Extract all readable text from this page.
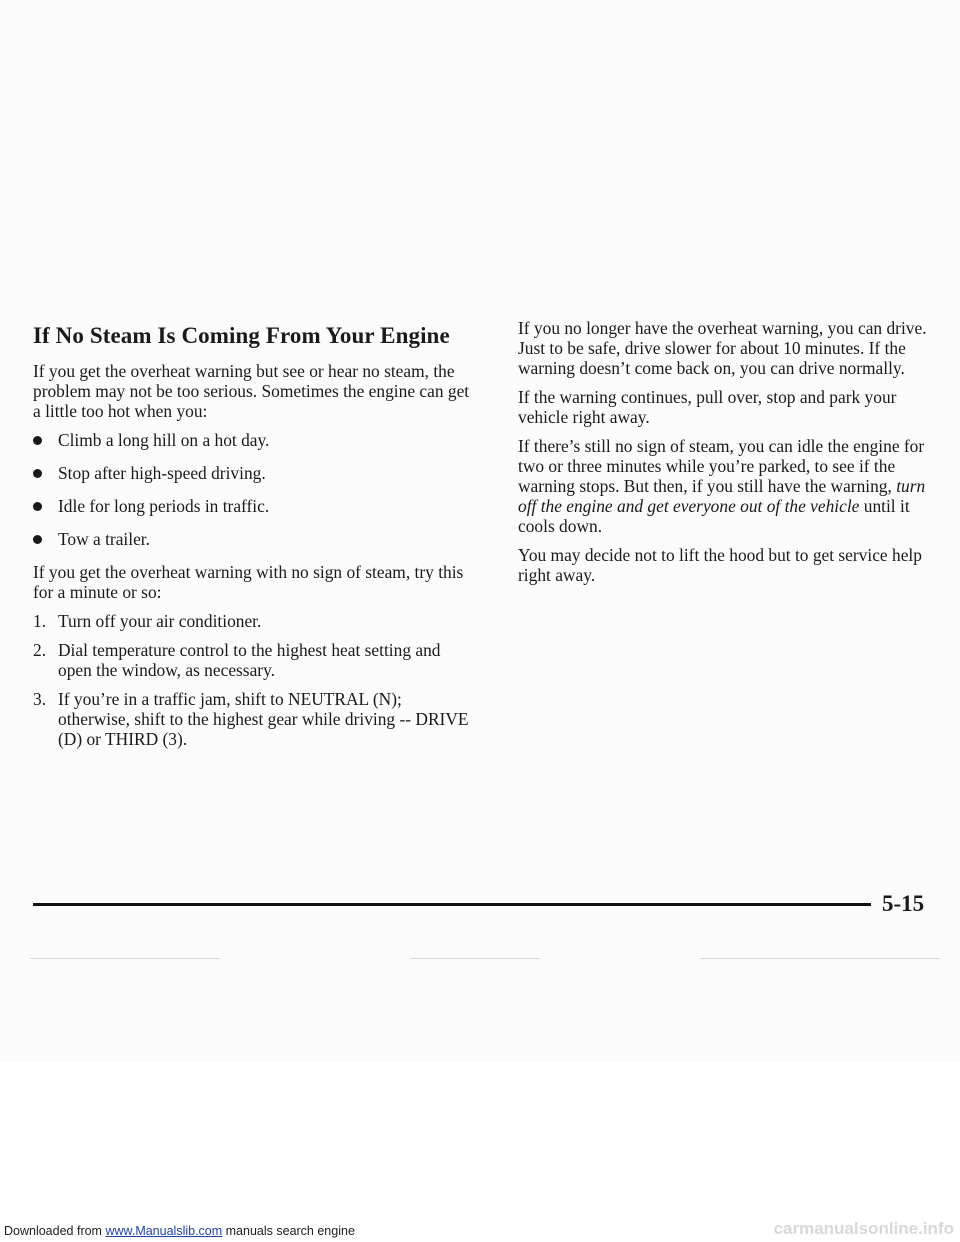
If No Steam Is Coming From Your Engine

If you get the overheat warning but see or hear no steam, the problem may not be too serious. Sometimes the engine can get a little too hot when you:

Climb a long hill on a hot day.
Stop after high-speed driving.
Idle for long periods in traffic.
Tow a trailer.

If you get the overheat warning with no sign of steam, try this for a minute or so:

1. Turn off your air conditioner.
2. Dial temperature control to the highest heat setting and open the window, as necessary.
3. If you’re in a traffic jam, shift to NEUTRAL (N); otherwise, shift to the highest gear while driving -- DRIVE (D) or THIRD (3).

If you no longer have the overheat warning, you can drive. Just to be safe, drive slower for about 10 minutes. If the warning doesn’t come back on, you can drive normally.

If the warning continues, pull over, stop and park your vehicle right away.

If there’s still no sign of steam, you can idle the engine for two or three minutes while you’re parked, to see if the warning stops. But then, if you still have the warning, turn off the engine and get everyone out of the vehicle until it cools down.

You may decide not to lift the hood but to get service help right away.

5-15
Downloaded from www.Manualslib.com manuals search engine	carmanualsonline.info
